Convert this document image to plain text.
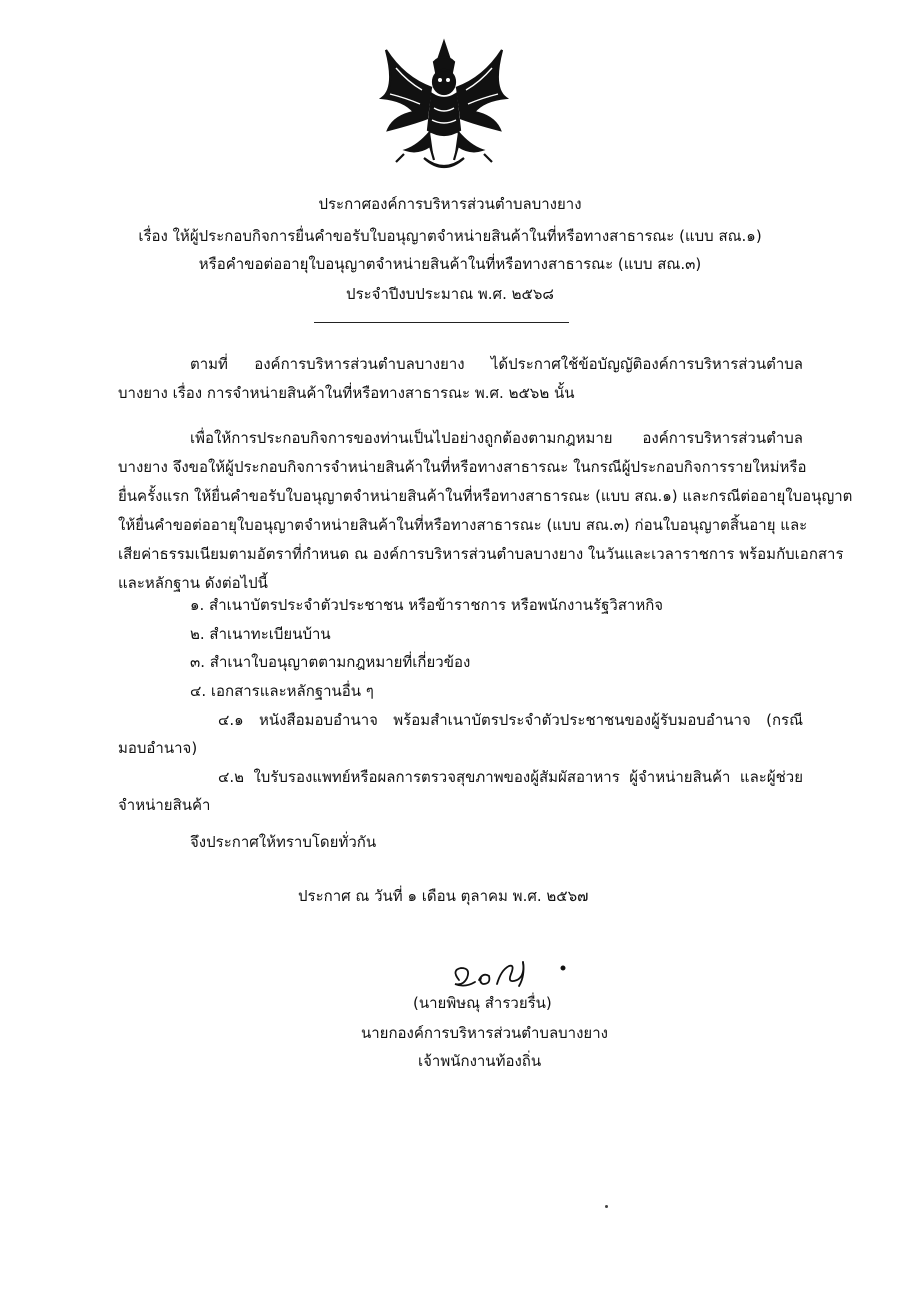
ประกาศองค์การบริหารส่วนตำบลบางยาง
เรื่อง ให้ผู้ประกอบกิจการยื่นคำขอรับใบอนุญาตจำหน่ายสินค้าในที่หรือทางสาธารณะ (แบบ สณ.๑)
หรือคำขอต่ออายุใบอนุญาตจำหน่ายสินค้าในที่หรือทางสาธารณะ (แบบ สณ.๓)
ประจำปีงบประมาณ พ.ศ. ๒๕๖๘
ตามที่ องค์การบริหารส่วนตำบลบางยาง ได้ประกาศใช้ข้อบัญญัติองค์การบริหารส่วนตำบล
บางยาง เรื่อง การจำหน่ายสินค้าในที่หรือทางสาธารณะ พ.ศ. ๒๕๖๒ นั้น
เพื่อให้การประกอบกิจการของท่านเป็นไปอย่างถูกต้องตามกฎหมาย องค์การบริหารส่วนตำบล
บางยาง จึงขอให้ผู้ประกอบกิจการจำหน่ายสินค้าในที่หรือทางสาธารณะ ในกรณีผู้ประกอบกิจการรายใหม่หรือ
ยื่นครั้งแรก ให้ยื่นคำขอรับใบอนุญาตจำหน่ายสินค้าในที่หรือทางสาธารณะ (แบบ สณ.๑) และกรณีต่ออายุใบอนุญาต
ให้ยื่นคำขอต่ออายุใบอนุญาตจำหน่ายสินค้าในที่หรือทางสาธารณะ (แบบ สณ.๓) ก่อนใบอนุญาตสิ้นอายุ และ
เสียค่าธรรมเนียมตามอัตราที่กำหนด ณ องค์การบริหารส่วนตำบลบางยาง ในวันและเวลาราชการ พร้อมกับเอกสาร
และหลักฐาน ดังต่อไปนี้
๑. สำเนาบัตรประจำตัวประชาชน หรือข้าราชการ หรือพนักงานรัฐวิสาหกิจ
๒. สำเนาทะเบียนบ้าน
๓. สำเนาใบอนุญาตตามกฎหมายที่เกี่ยวข้อง
๔. เอกสารและหลักฐานอื่น ๆ
๔.๑ หนังสือมอบอำนาจ พร้อมสำเนาบัตรประจำตัวประชาชนของผู้รับมอบอำนาจ (กรณี
มอบอำนาจ)
๔.๒ ใบรับรองแพทย์หรือผลการตรวจสุขภาพของผู้สัมผัสอาหาร ผู้จำหน่ายสินค้า และผู้ช่วย
จำหน่ายสินค้า
จึงประกาศให้ทราบโดยทั่วกัน
ประกาศ ณ วันที่ ๑ เดือน ตุลาคม พ.ศ. ๒๕๖๗
(นายพิษณุ สำรวยรื่น)
นายกองค์การบริหารส่วนตำบลบางยาง
เจ้าพนักงานท้องถิ่น
